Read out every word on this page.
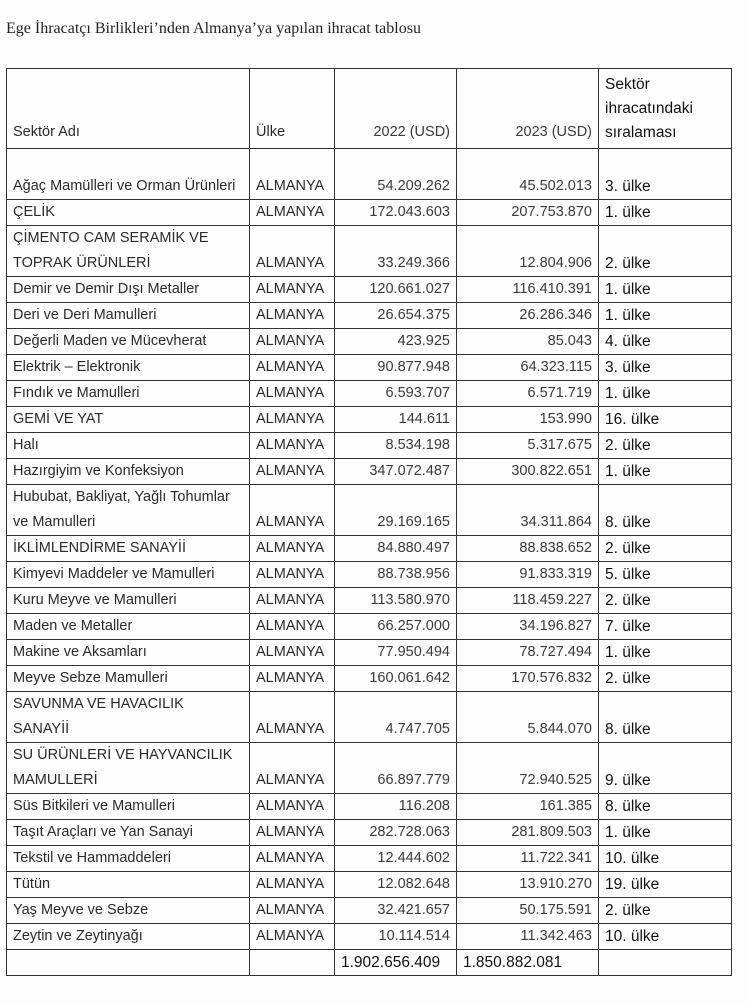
Ege İhracatçı Birlikleri’nden Almanya’ya yapılan ihracat tablosu
Sektör Adı	Ülke	2022 (USD)	2023 (USD)	Sektör ihracatındaki sıralaması
Ağaç Mamülleri ve Orman Ürünleri	ALMANYA	54.209.262	45.502.013	3. ülke
ÇELİK	ALMANYA	172.043.603	207.753.870	1. ülke
ÇİMENTO CAM SERAMİK VE TOPRAK ÜRÜNLERİ	ALMANYA	33.249.366	12.804.906	2. ülke
Demir ve Demir Dışı Metaller	ALMANYA	120.661.027	116.410.391	1. ülke
Deri ve Deri Mamulleri	ALMANYA	26.654.375	26.286.346	1. ülke
Değerli Maden ve Mücevherat	ALMANYA	423.925	85.043	4. ülke
Elektrik – Elektronik	ALMANYA	90.877.948	64.323.115	3. ülke
Fındık ve Mamulleri	ALMANYA	6.593.707	6.571.719	1. ülke
GEMİ VE YAT	ALMANYA	144.611	153.990	16. ülke
Halı	ALMANYA	8.534.198	5.317.675	2. ülke
Hazırgiyim ve Konfeksiyon	ALMANYA	347.072.487	300.822.651	1. ülke
Hububat, Bakliyat, Yağlı Tohumlar ve Mamulleri	ALMANYA	29.169.165	34.311.864	8. ülke
İKLİMLENDİRME SANAYİİ	ALMANYA	84.880.497	88.838.652	2. ülke
Kimyevi Maddeler ve Mamulleri	ALMANYA	88.738.956	91.833.319	5. ülke
Kuru Meyve ve Mamulleri	ALMANYA	113.580.970	118.459.227	2. ülke
Maden ve Metaller	ALMANYA	66.257.000	34.196.827	7. ülke
Makine ve Aksamları	ALMANYA	77.950.494	78.727.494	1. ülke
Meyve Sebze Mamulleri	ALMANYA	160.061.642	170.576.832	2. ülke
SAVUNMA VE HAVACILIK SANAYİİ	ALMANYA	4.747.705	5.844.070	8. ülke
SU ÜRÜNLERİ VE HAYVANCILIK MAMULLERİ	ALMANYA	66.897.779	72.940.525	9. ülke
Süs Bitkileri ve Mamulleri	ALMANYA	116.208	161.385	8. ülke
Taşıt Araçları ve Yan Sanayi	ALMANYA	282.728.063	281.809.503	1. ülke
Tekstil ve Hammaddeleri	ALMANYA	12.444.602	11.722.341	10. ülke
Tütün	ALMANYA	12.082.648	13.910.270	19. ülke
Yaş Meyve ve Sebze	ALMANYA	32.421.657	50.175.591	2. ülke
Zeytin ve Zeytinyağı	ALMANYA	10.114.514	11.342.463	10. ülke
		1.902.656.409	1.850.882.081	
